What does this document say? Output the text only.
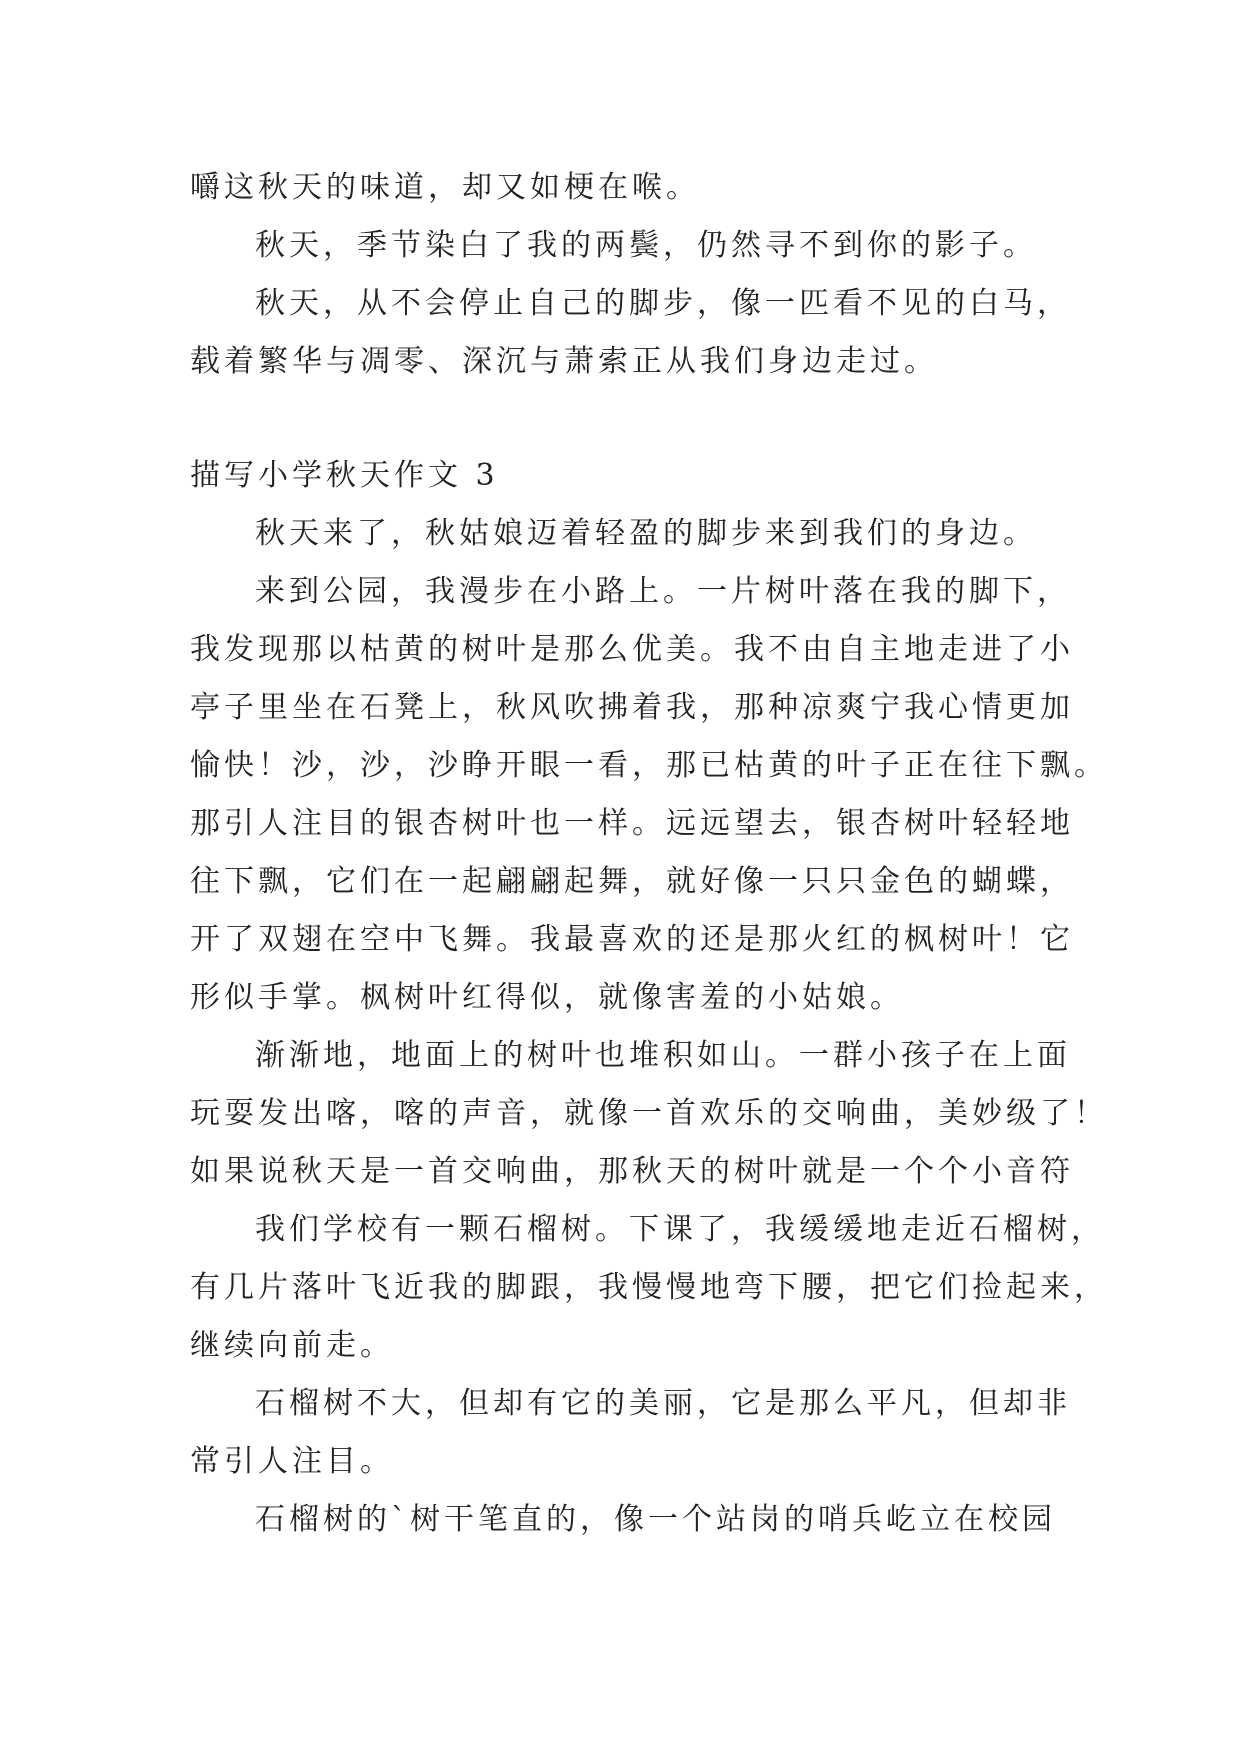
嚼这秋天的味道，却又如梗在喉。
秋天，季节染白了我的两鬓，仍然寻不到你的影子。
秋天，从不会停止自己的脚步，像一匹看不见的白马，
载着繁华与凋零、深沉与萧索正从我们身边走过。
描写小学秋天作文 3
秋天来了，秋姑娘迈着轻盈的脚步来到我们的身边。
来到公园，我漫步在小路上。一片树叶落在我的脚下，
我发现那以枯黄的树叶是那么优美。我不由自主地走进了小
亭子里坐在石凳上，秋风吹拂着我，那种凉爽宁我心情更加
愉快！沙，沙，沙睁开眼一看，那已枯黄的叶子正在往下飘。
那引人注目的银杏树叶也一样。远远望去，银杏树叶轻轻地
往下飘，它们在一起翩翩起舞，就好像一只只金色的蝴蝶，
开了双翅在空中飞舞。我最喜欢的还是那火红的枫树叶！它
形似手掌。枫树叶红得似，就像害羞的小姑娘。
渐渐地，地面上的树叶也堆积如山。一群小孩子在上面
玩耍发出喀，喀的声音，就像一首欢乐的交响曲，美妙级了！
如果说秋天是一首交响曲，那秋天的树叶就是一个个小音符
我们学校有一颗石榴树。下课了，我缓缓地走近石榴树，
有几片落叶飞近我的脚跟，我慢慢地弯下腰，把它们捡起来，
继续向前走。
石榴树不大，但却有它的美丽，它是那么平凡，但却非
常引人注目。
石榴树的`树干笔直的，像一个站岗的哨兵屹立在校园
